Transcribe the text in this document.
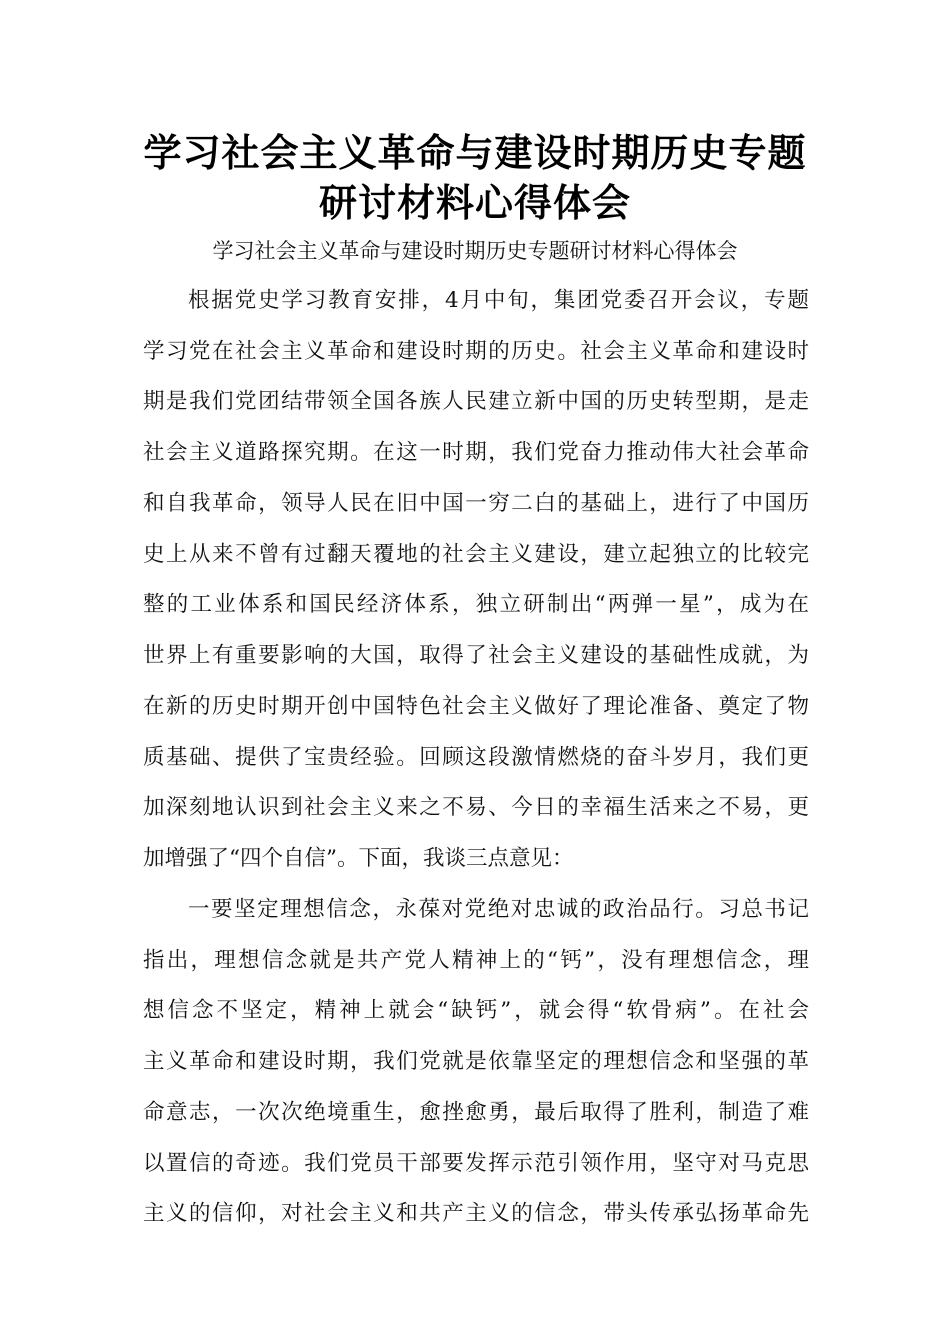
学习社会主义革命与建设时期历史专题
研讨材料心得体会
学习社会主义革命与建设时期历史专题研讨材料心得体会
根据党史学习教育安排，4月中旬，集团党委召开会议，专题
学习党在社会主义革命和建设时期的历史。社会主义革命和建设时
期是我们党团结带领全国各族人民建立新中国的历史转型期，是走
社会主义道路探究期。在这一时期，我们党奋力推动伟大社会革命
和自我革命，领导人民在旧中国一穷二白的基础上，进行了中国历
史上从来不曾有过翻天覆地的社会主义建设，建立起独立的比较完
整的工业体系和国民经济体系，独立研制出“两弹一星”，成为在
世界上有重要影响的大国，取得了社会主义建设的基础性成就，为
在新的历史时期开创中国特色社会主义做好了理论准备、奠定了物
质基础、提供了宝贵经验。回顾这段激情燃烧的奋斗岁月，我们更
加深刻地认识到社会主义来之不易、今日的幸福生活来之不易，更
加增强了“四个自信”。下面，我谈三点意见：
一要坚定理想信念，永葆对党绝对忠诚的政治品行。习总书记
指出，理想信念就是共产党人精神上的“钙”，没有理想信念，理
想信念不坚定，精神上就会“缺钙”，就会得“软骨病”。在社会
主义革命和建设时期，我们党就是依靠坚定的理想信念和坚强的革
命意志，一次次绝境重生，愈挫愈勇，最后取得了胜利，制造了难
以置信的奇迹。我们党员干部要发挥示范引领作用，坚守对马克思
主义的信仰，对社会主义和共产主义的信念，带头传承弘扬革命先
